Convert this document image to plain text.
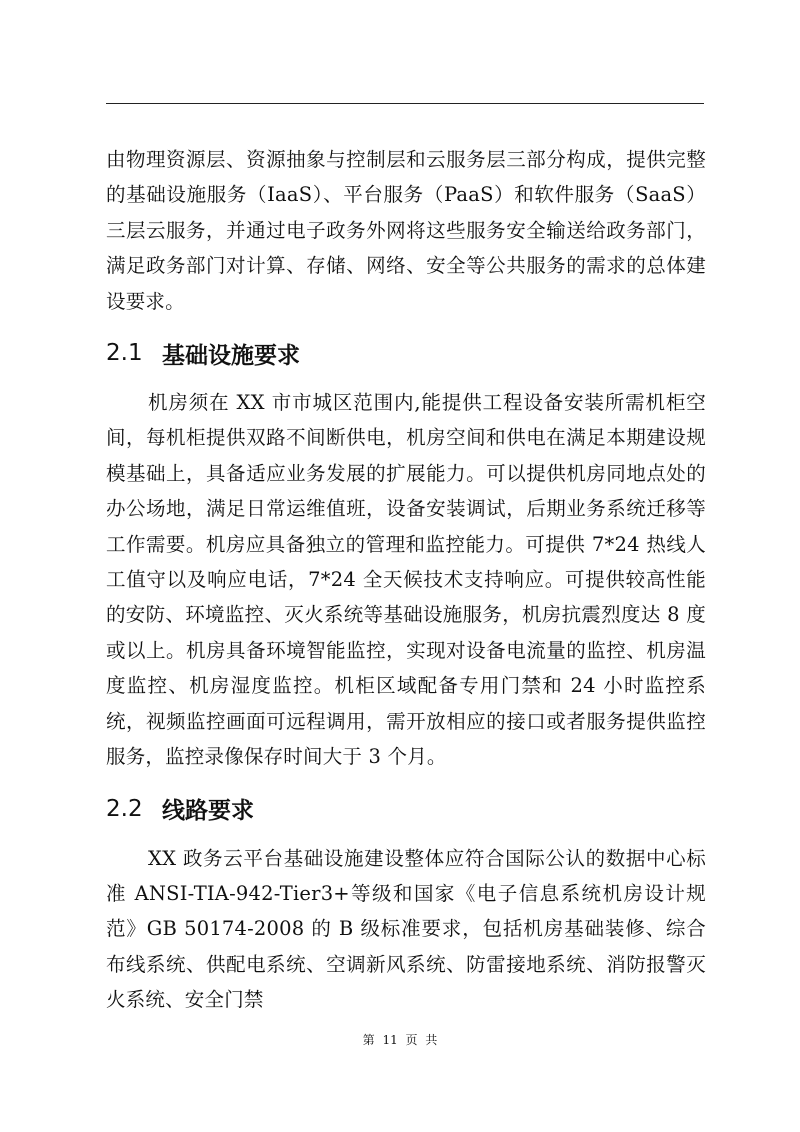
由物理资源层、资源抽象与控制层和云服务层三部分构成，提供完整的基础设施服务（IaaS）、平台服务（PaaS）和软件服务（SaaS）三层云服务，并通过电子政务外网将这些服务安全输送给政务部门，满足政务部门对计算、存储、网络、安全等公共服务的需求的总体建设要求。

2.1 基础设施要求

机房须在 XX 市市城区范围内,能提供工程设备安装所需机柜空间，每机柜提供双路不间断供电，机房空间和供电在满足本期建设规模基础上，具备适应业务发展的扩展能力。可以提供机房同地点处的办公场地，满足日常运维值班，设备安装调试，后期业务系统迁移等工作需要。机房应具备独立的管理和监控能力。可提供 7*24 热线人工值守以及响应电话，7*24 全天候技术支持响应。可提供较高性能的安防、环境监控、灭火系统等基础设施服务，机房抗震烈度达 8 度或以上。机房具备环境智能监控，实现对设备电流量的监控、机房温度监控、机房湿度监控。机柜区域配备专用门禁和 24 小时监控系统，视频监控画面可远程调用，需开放相应的接口或者服务提供监控服务，监控录像保存时间大于 3 个月。

2.2 线路要求

XX 政务云平台基础设施建设整体应符合国际公认的数据中心标准 ANSI-TIA-942-Tier3+等级和国家《电子信息系统机房设计规范》GB 50174-2008 的 B 级标准要求，包括机房基础装修、综合布线系统、供配电系统、空调新风系统、防雷接地系统、消防报警灭火系统、安全门禁

第 11 页 共
